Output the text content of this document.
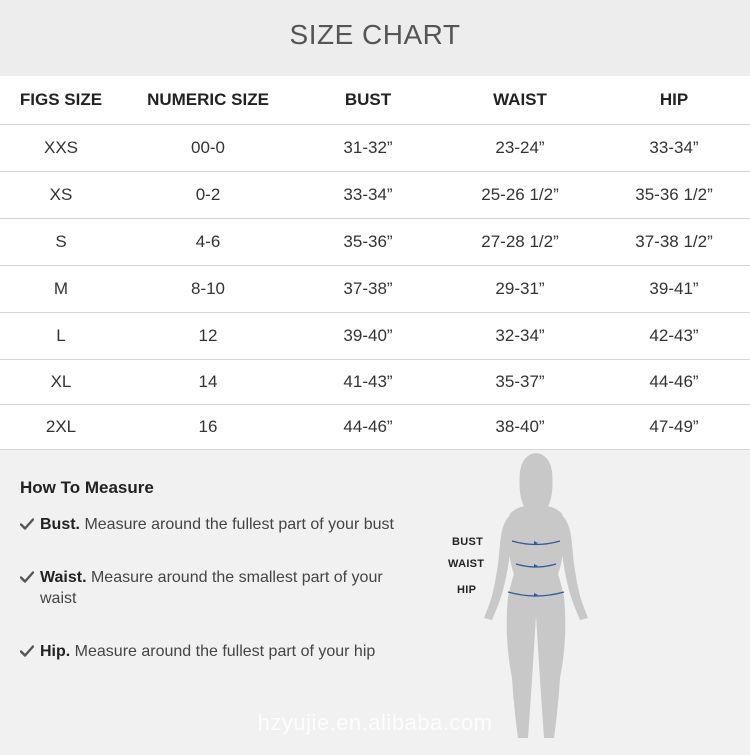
SIZE CHART
FIGS SIZE	NUMERIC SIZE	BUST	WAIST	HIP
XXS	00-0	31-32”	23-24”	33-34”
XS	0-2	33-34”	25-26 1/2”	35-36 1/2”
S	4-6	35-36”	27-28 1/2”	37-38 1/2”
M	8-10	37-38”	29-31”	39-41”
L	12	39-40”	32-34”	42-43”
XL	14	41-43”	35-37”	44-46”
2XL	16	44-46”	38-40”	47-49”
How To Measure
Bust. Measure around the fullest part of your bust
Waist. Measure around the smallest part of your waist
Hip. Measure around the fullest part of your hip
BUST
WAIST
HIP
hzyujie.en.alibaba.com
